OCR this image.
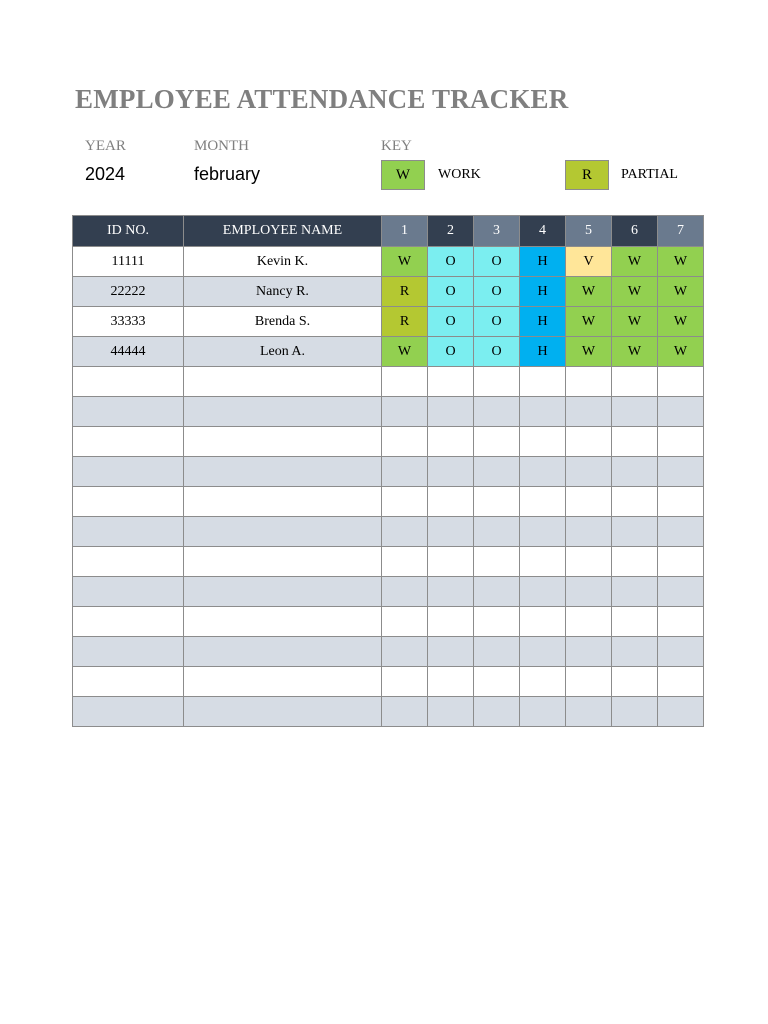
EMPLOYEE ATTENDANCE TRACKER
YEAR
2024
MONTH
february
KEY
W	WORK	R	PARTIAL
ID NO.	EMPLOYEE NAME	1	2	3	4	5	6	7
11111	Kevin K.	W	O	O	H	V	W	W
22222	Nancy R.	R	O	O	H	W	W	W
33333	Brenda S.	R	O	O	H	W	W	W
44444	Leon A.	W	O	O	H	W	W	W
